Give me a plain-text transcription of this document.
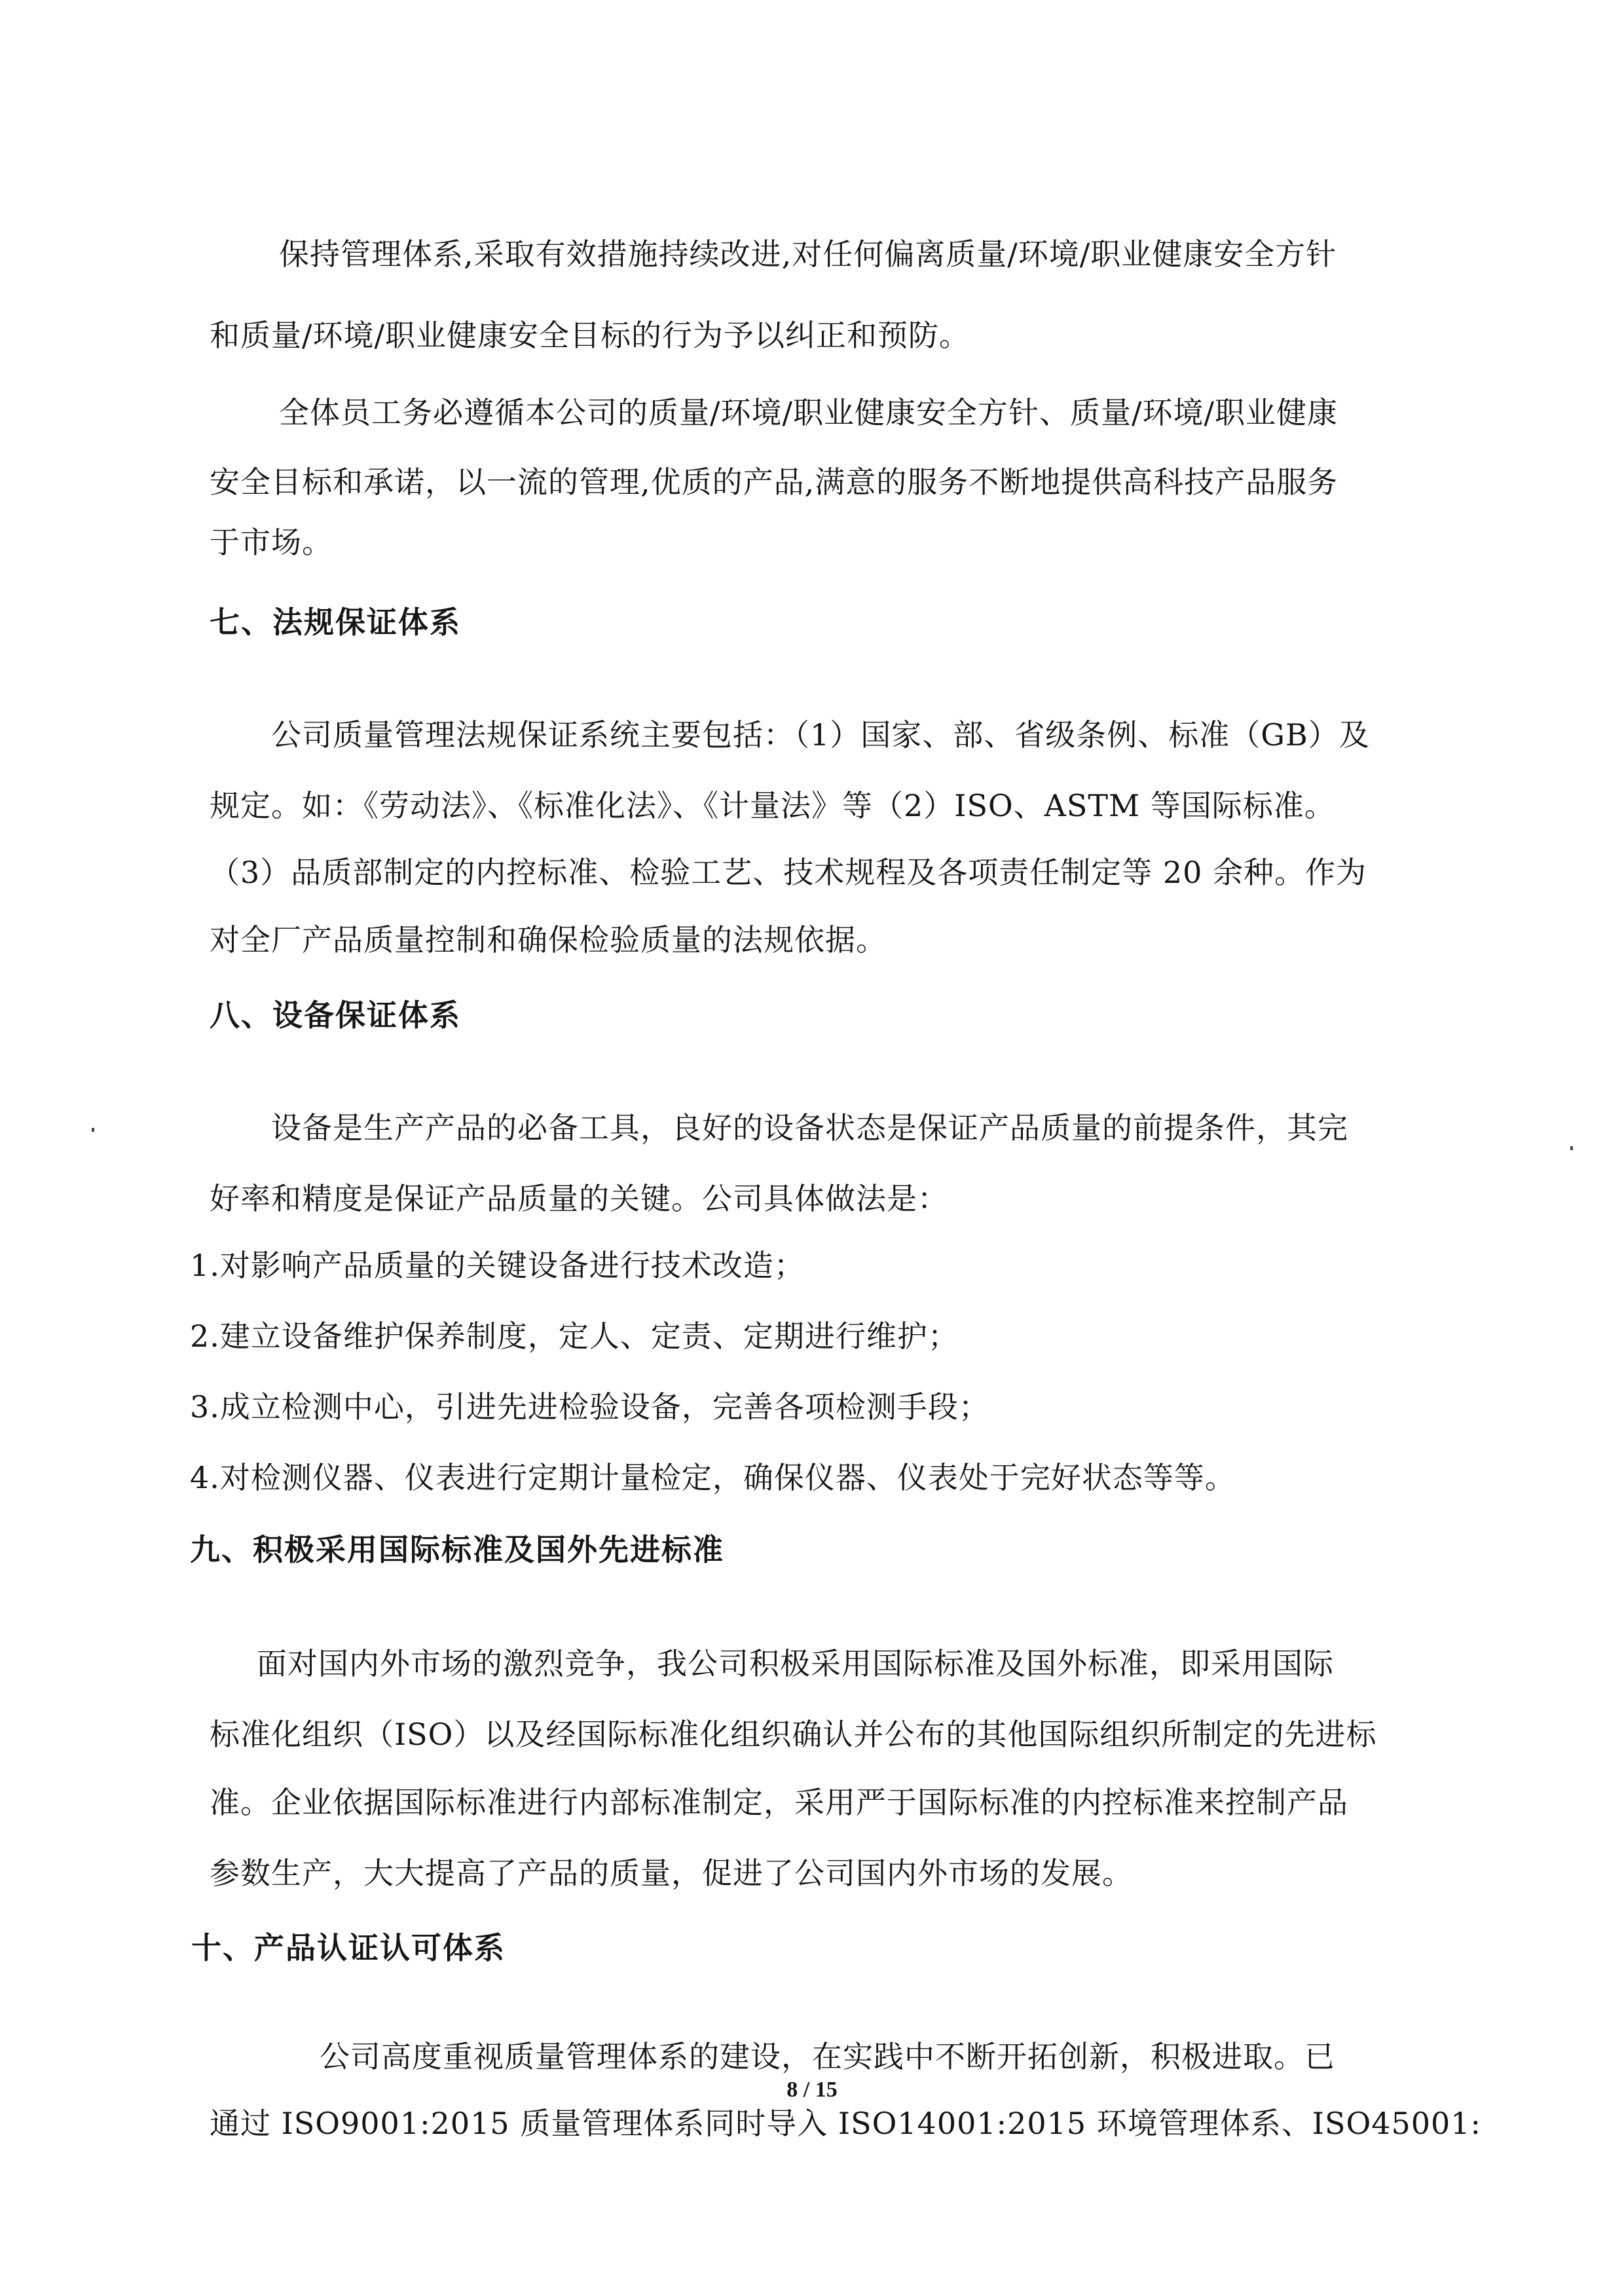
保持管理体系,采取有效措施持续改进,对任何偏离质量/环境/职业健康安全方针
和质量/环境/职业健康安全目标的行为予以纠正和预防。
全体员工务必遵循本公司的质量/环境/职业健康安全方针、质量/环境/职业健康
安全目标和承诺，以一流的管理,优质的产品,满意的服务不断地提供高科技产品服务
于市场。
七、法规保证体系
公司质量管理法规保证系统主要包括：（1）国家、部、省级条例、标准（GB）及
规定。如：《劳动法》、《标准化法》、《计量法》等（2）ISO、ASTM 等国际标准。
（3）品质部制定的内控标准、检验工艺、技术规程及各项责任制定等 20 余种。作为
对全厂产品质量控制和确保检验质量的法规依据。
八、设备保证体系
设备是生产产品的必备工具，良好的设备状态是保证产品质量的前提条件，其完
好率和精度是保证产品质量的关键。公司具体做法是：
1.对影响产品质量的关键设备进行技术改造；
2.建立设备维护保养制度，定人、定责、定期进行维护；
3.成立检测中心，引进先进检验设备，完善各项检测手段；
4.对检测仪器、仪表进行定期计量检定，确保仪器、仪表处于完好状态等等。
九、积极采用国际标准及国外先进标准
面对国内外市场的激烈竞争，我公司积极采用国际标准及国外标准，即采用国际
标准化组织（ISO）以及经国际标准化组织确认并公布的其他国际组织所制定的先进标
准。企业依据国际标准进行内部标准制定，采用严于国际标准的内控标准来控制产品
参数生产，大大提高了产品的质量，促进了公司国内外市场的发展。
十、产品认证认可体系
公司高度重视质量管理体系的建设，在实践中不断开拓创新，积极进取。已
通过 ISO9001:2015 质量管理体系同时导入 ISO14001:2015 环境管理体系、ISO45001:
8 / 15
